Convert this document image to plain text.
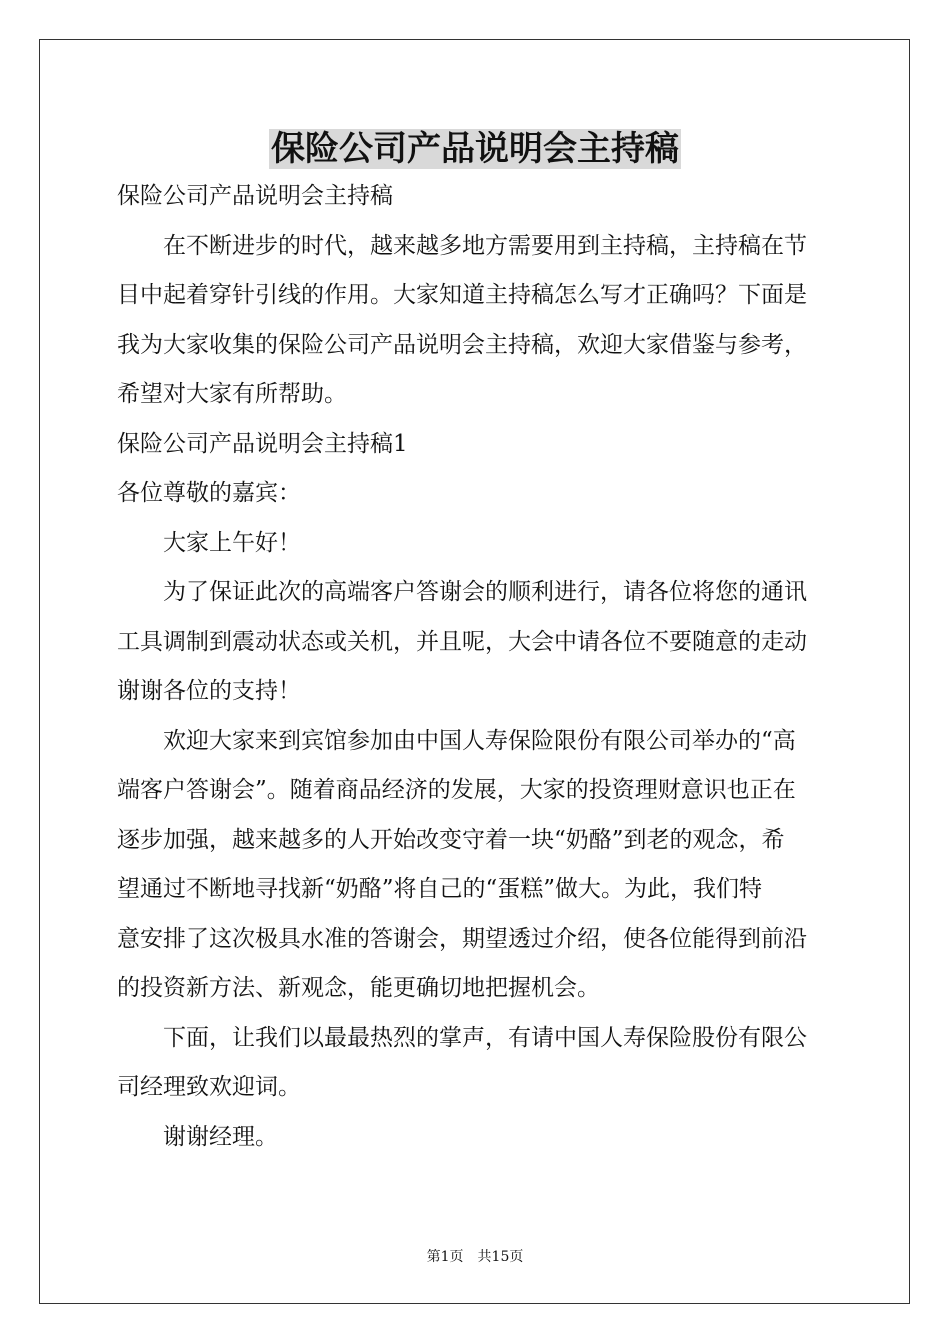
保险公司产品说明会主持稿

保险公司产品说明会主持稿

在不断进步的时代，越来越多地方需要用到主持稿，主持稿在节

目中起着穿针引线的作用。大家知道主持稿怎么写才正确吗？下面是

我为大家收集的保险公司产品说明会主持稿，欢迎大家借鉴与参考，

希望对大家有所帮助。

保险公司产品说明会主持稿1

各位尊敬的嘉宾：

大家上午好！

为了保证此次的高端客户答谢会的顺利进行，请各位将您的通讯

工具调制到震动状态或关机，并且呢，大会中请各位不要随意的走动

谢谢各位的支持！

欢迎大家来到宾馆参加由中国人寿保险限份有限公司举办的“高

端客户答谢会”。随着商品经济的发展，大家的投资理财意识也正在

逐步加强，越来越多的人开始改变守着一块“奶酪”到老的观念，希

望通过不断地寻找新“奶酪”将自己的“蛋糕”做大。为此，我们特

意安排了这次极具水准的答谢会，期望透过介绍，使各位能得到前沿

的投资新方法、新观念，能更确切地把握机会。

下面，让我们以最最热烈的掌声，有请中国人寿保险股份有限公

司经理致欢迎词。

谢谢经理。

第1页　共15页
